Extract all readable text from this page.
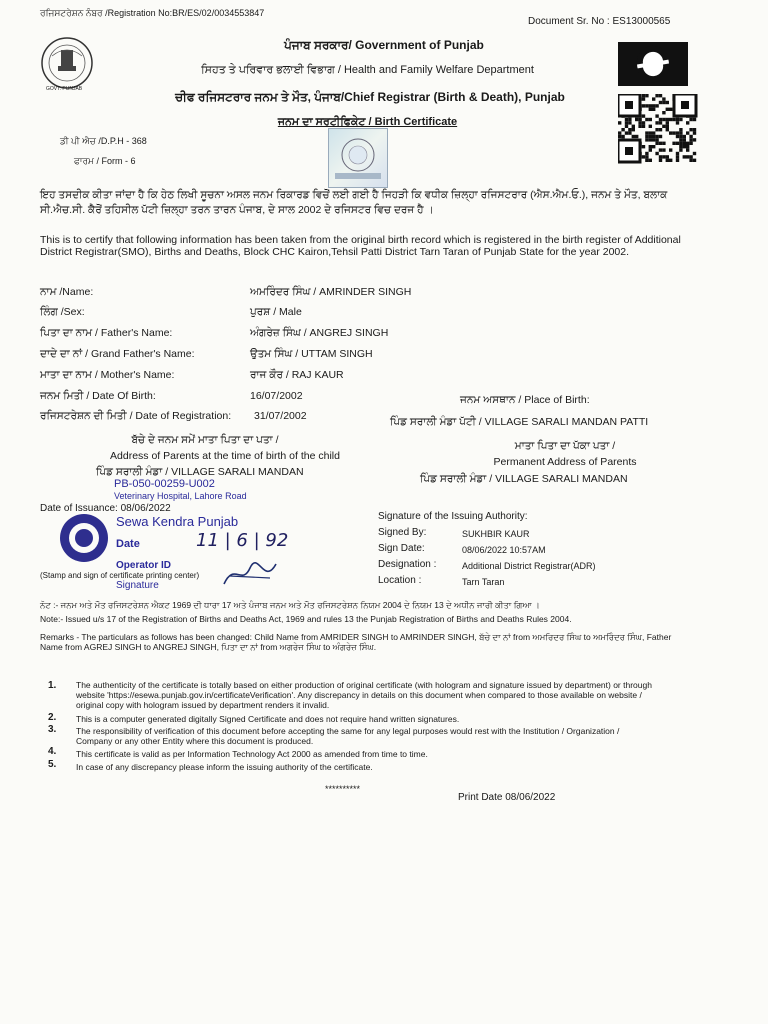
ਰਜਿਸਟਰੇਸ਼ਨ ਨੰਬਰ /Registration No:BR/ES/02/0034553847
Document Sr. No : ES13000565
GOVT. PUNJAB
ਪੰਜਾਬ ਸਰਕਾਰ/ Government of Punjab
ਸਿਹਤ ਤੇ ਪਰਿਵਾਰ ਭਲਾਈ ਵਿਭਾਗ / Health and Family Welfare Department
ਚੀਫ ਰਜਿਸਟਰਾਰ ਜਨਮ ਤੇ ਮੌਤ, ਪੰਜਾਬ/Chief Registrar (Birth & Death), Punjab
ਜਨਮ ਦਾ ਸਰਟੀਫਿਕੇਟ / Birth Certificate
ਡੀ ਪੀ ਐਚ /D.P.H - 368
ਫਾਰਮ / Form - 6
ਇਹ ਤਸਦੀਕ ਕੀਤਾ ਜਾਂਦਾ ਹੈ ਕਿ ਹੇਠ ਲਿਖੀ ਸੂਚਨਾ ਅਸਲ ਜਨਮ ਰਿਕਾਰਡ ਵਿਚੋਂ ਲਈ ਗਈ ਹੈ ਜਿਹੜੀ ਕਿ ਵਧੀਕ ਜ਼ਿਲ੍ਹਾ ਰਜਿਸਟਰਾਰ (ਐਸ.ਐਮ.ਓ.), ਜਨਮ ਤੇ ਮੌਤ, ਬਲਾਕ ਸੀ.ਐਚ.ਸੀ. ਕੈਰੋਂ ਤਹਿਸੀਲ ਪੱਟੀ ਜ਼ਿਲ੍ਹਾ ਤਰਨ ਤਾਰਨ ਪੰਜਾਬ, ਦੇ ਸਾਲ 2002 ਦੇ ਰਜਿਸਟਰ ਵਿਚ ਦਰਜ ਹੈ ।
This is to certify that following information has been taken from the original birth record which is registered in the birth register of Additional District Registrar(SMO), Births and Deaths, Block CHC Kairon,Tehsil Patti District Tarn Taran of Punjab State for the year 2002.
ਨਾਮ /Name:	ਅਮਰਿੰਦਰ ਸਿੰਘ / AMRINDER SINGH
ਲਿੰਗ /Sex:	ਪੁਰਸ਼ / Male
ਪਿਤਾ ਦਾ ਨਾਮ / Father's Name:	ਅੰਗਰੇਜ਼ ਸਿੰਘ / ANGREJ SINGH
ਦਾਦੇ ਦਾ ਨਾਂ / Grand Father's Name:	ਉਤਮ ਸਿੰਘ / UTTAM SINGH
ਮਾਤਾ ਦਾ ਨਾਮ / Mother's Name:	ਰਾਜ ਕੌਰ / RAJ KAUR
ਜਨਮ ਮਿਤੀ / Date Of Birth:	16/07/2002
ਰਜਿਸਟਰੇਸ਼ਨ ਦੀ ਮਿਤੀ / Date of Registration: 31/07/2002
ਜਨਮ ਅਸਥਾਨ / Place of Birth:
ਪਿੰਡ ਸਰਾਲੀ ਮੰਡਾ ਪੱਟੀ / VILLAGE SARALI MANDAN PATTI
ਬੱਚੇ ਦੇ ਜਨਮ ਸਮੇਂ ਮਾਤਾ ਪਿਤਾ ਦਾ ਪਤਾ /
Address of Parents at the time of birth of the child
ਪਿੰਡ ਸਰਾਲੀ ਮੰਡਾ / VILLAGE SARALI MANDAN
ਮਾਤਾ ਪਿਤਾ ਦਾ ਪੱਕਾ ਪਤਾ /
Permanent Address of Parents
ਪਿੰਡ ਸਰਾਲੀ ਮੰਡਾ / VILLAGE SARALI MANDAN
PB-050-00259-U002
Veterinary Hospital, Lahore Road
Date of Issuance: 08/06/2022
Sewa Kendra Punjab
Date	11 | 6 | 92
Operator ID
Signature
(Stamp and sign of certificate printing center)
Signature of the Issuing Authority:
Signed By:	SUKHBIR KAUR
Sign Date:	08/06/2022 10:57AM
Designation :	Additional District Registrar(ADR)
Location :	Tarn Taran
ਨੋਟ :- ਜਨਮ ਅਤੇ ਮੌਤ ਰਜਿਸਟਰੇਸ਼ਨ ਐਕਟ 1969 ਦੀ ਧਾਰਾ 17 ਅਤੇ ਪੰਜਾਬ ਜਨਮ ਅਤੇ ਮੌਤ ਰਜਿਸਟਰੇਸ਼ਨ ਨਿਯਮ 2004 ਦੇ ਨਿਯਮ 13 ਦੇ ਅਧੀਨ ਜਾਰੀ ਕੀਤਾ ਗਿਆ ।
Note:- Issued u/s 17 of the Registration of Births and Deaths Act, 1969 and rules 13 the Punjab Registration of Births and Deaths Rules 2004.
Remarks - The particulars as follows has been changed: Child Name from AMRIDER SINGH to AMRINDER SINGH, ਬੱਚੇ ਦਾ ਨਾਂ from ਅਮਰਿਦਰ ਸਿੰਘ to ਅਮਰਿੰਦਰ ਸਿੰਘ, Father Name from AGREJ SINGH to ANGREJ SINGH, ਪਿਤਾ ਦਾ ਨਾਂ from ਅਗਰੇਜ ਸਿੰਘ to ਅੰਗਰੇਜ਼ ਸਿੰਘ.
1. The authenticity of the certificate is totally based on either production of original certificate (with hologram and signature issued by department) or through website 'https://esewa.punjab.gov.in/certificateVerification'. Any discrepancy in details on this document when compared to those available on website / original copy with hologram issued by department renders it invalid.
2. This is a computer generated digitally Signed Certificate and does not require hand written signatures.
3. The responsibility of verification of this document before accepting the same for any legal purposes would rest with the Institution / Organization / Company or any other Entity where this document is produced.
4. This certificate is valid as per Information Technology Act 2000 as amended from time to time.
5. In case of any discrepancy please inform the issuing authority of the certificate.
**********
Print Date 08/06/2022
